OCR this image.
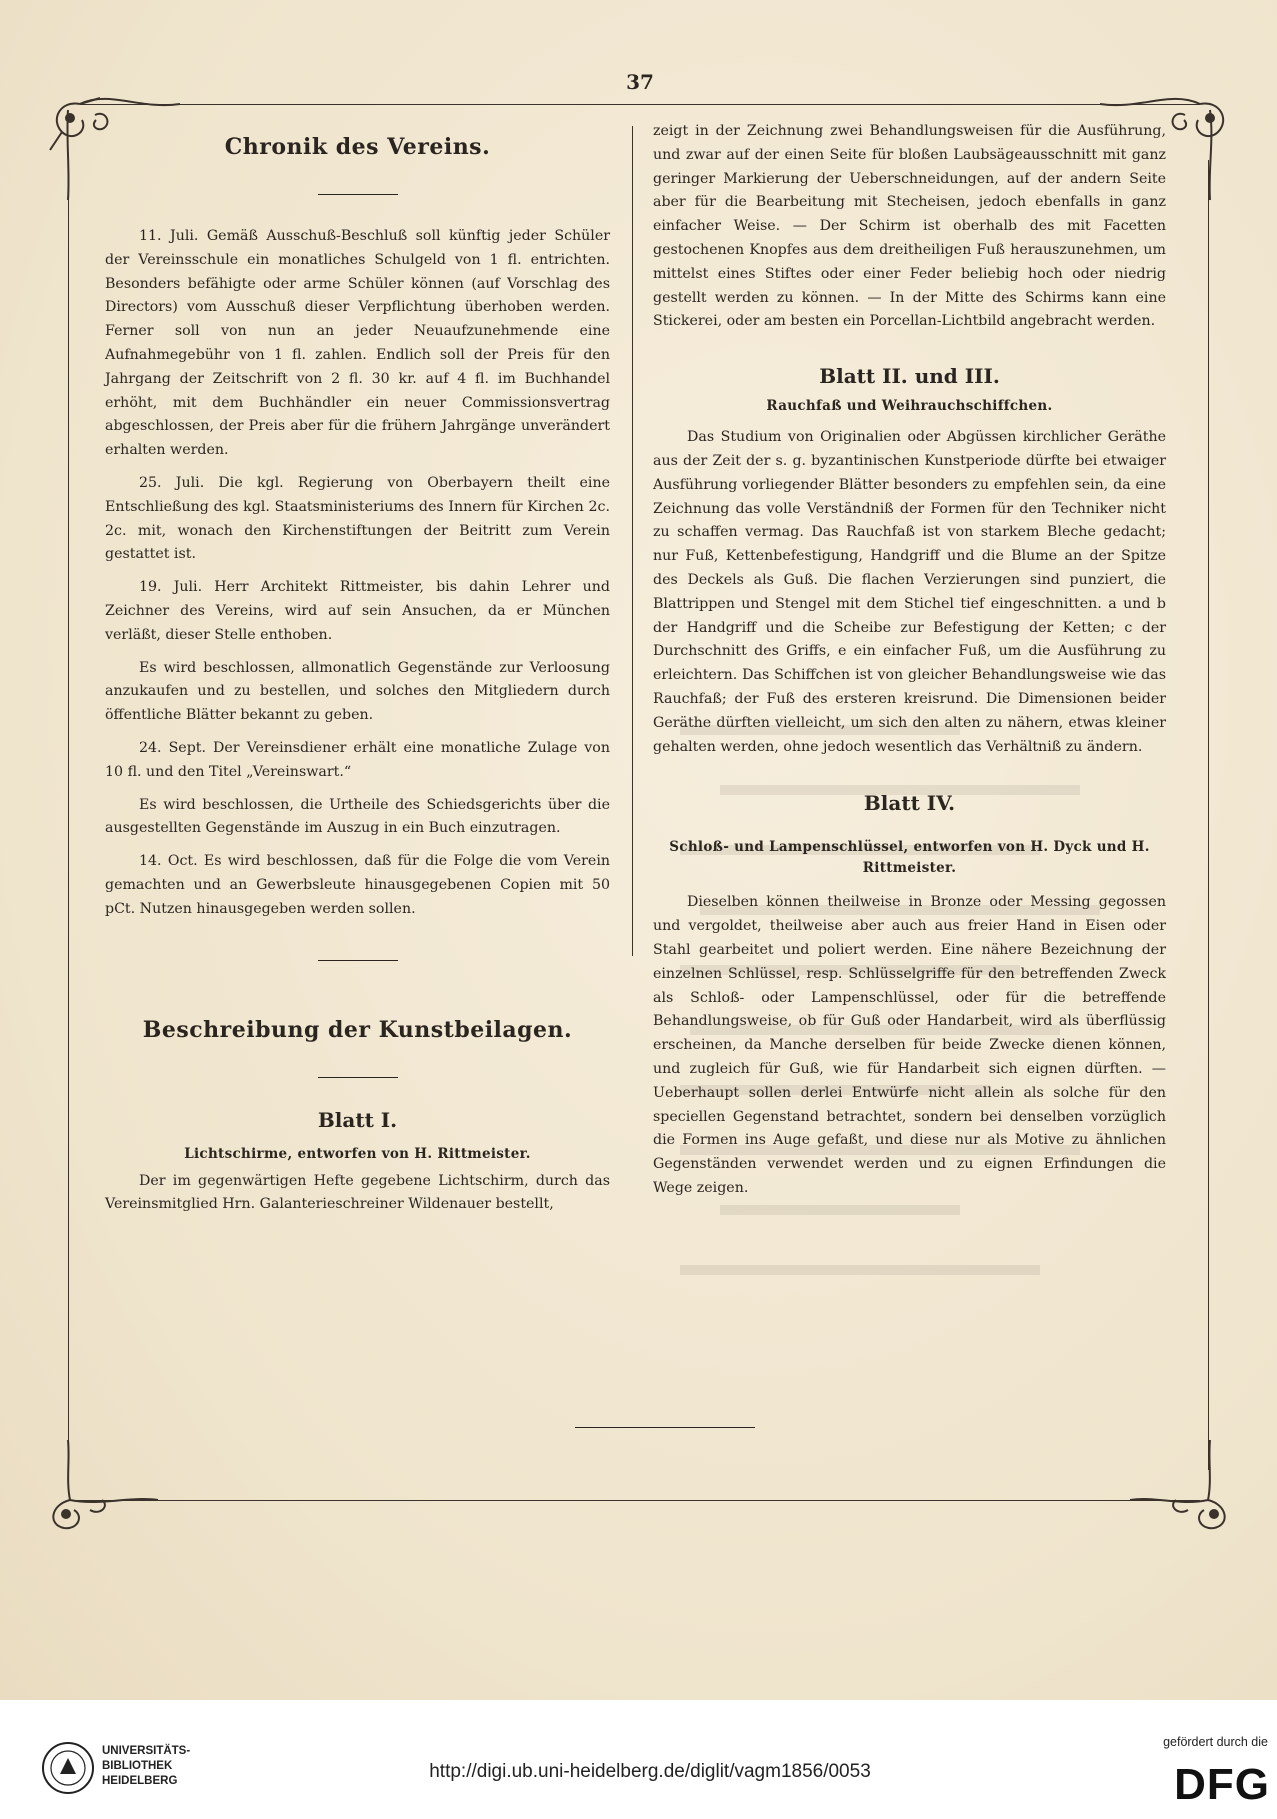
37
Chronik des Vereins.

11. Juli. Gemäß Ausschuß-Beschluß soll künftig jeder Schüler der Vereinsschule ein monatliches Schulgeld von 1 fl. entrichten. Besonders befähigte oder arme Schüler können (auf Vorschlag des Directors) vom Ausschuß dieser Verpflichtung überhoben werden. Ferner soll von nun an jeder Neuaufzunehmende eine Aufnahmegebühr von 1 fl. zahlen. Endlich soll der Preis für den Jahrgang der Zeitschrift von 2 fl. 30 kr. auf 4 fl. im Buchhandel erhöht, mit dem Buchhändler ein neuer Commissionsvertrag abgeschlossen, der Preis aber für die frühern Jahrgänge unverändert erhalten werden.

25. Juli. Die kgl. Regierung von Oberbayern theilt eine Entschließung des kgl. Staatsministeriums des Innern für Kirchen 2c. 2c. mit, wonach den Kirchenstiftungen der Beitritt zum Verein gestattet ist.

19. Juli. Herr Architekt Rittmeister, bis dahin Lehrer und Zeichner des Vereins, wird auf sein Ansuchen, da er München verläßt, dieser Stelle enthoben.

Es wird beschlossen, allmonatlich Gegenstände zur Verloosung anzukaufen und zu bestellen, und solches den Mitgliedern durch öffentliche Blätter bekannt zu geben.

24. Sept. Der Vereinsdiener erhält eine monatliche Zulage von 10 fl. und den Titel „Vereinswart.“

Es wird beschlossen, die Urtheile des Schiedsgerichts über die ausgestellten Gegenstände im Auszug in ein Buch einzutragen.

14. Oct. Es wird beschlossen, daß für die Folge die vom Verein gemachten und an Gewerbsleute hinausgegebenen Copien mit 50 pCt. Nutzen hinausgegeben werden sollen.

Beschreibung der Kunstbeilagen.
Blatt I.
Lichtschirme, entworfen von H. Rittmeister.

Der im gegenwärtigen Hefte gegebene Lichtschirm, durch das Vereinsmitglied Hrn. Galanterieschreiner Wildenauer bestellt,

zeigt in der Zeichnung zwei Behandlungsweisen für die Ausführung, und zwar auf der einen Seite für bloßen Laubsägeausschnitt mit ganz geringer Markierung der Ueberschneidungen, auf der andern Seite aber für die Bearbeitung mit Stecheisen, jedoch ebenfalls in ganz einfacher Weise. — Der Schirm ist oberhalb des mit Facetten gestochenen Knopfes aus dem dreitheiligen Fuß herauszunehmen, um mittelst eines Stiftes oder einer Feder beliebig hoch oder niedrig gestellt werden zu können. — In der Mitte des Schirms kann eine Stickerei, oder am besten ein Porcellan-Lichtbild angebracht werden.

Blatt II. und III.
Rauchfaß und Weihrauchschiffchen.

Das Studium von Originalien oder Abgüssen kirchlicher Geräthe aus der Zeit der s. g. byzantinischen Kunstperiode dürfte bei etwaiger Ausführung vorliegender Blätter besonders zu empfehlen sein, da eine Zeichnung das volle Verständniß der Formen für den Techniker nicht zu schaffen vermag. Das Rauchfaß ist von starkem Bleche gedacht; nur Fuß, Kettenbefestigung, Handgriff und die Blume an der Spitze des Deckels als Guß. Die flachen Verzierungen sind punziert, die Blattrippen und Stengel mit dem Stichel tief eingeschnitten. a und b der Handgriff und die Scheibe zur Befestigung der Ketten; c der Durchschnitt des Griffs, e ein einfacher Fuß, um die Ausführung zu erleichtern. Das Schiffchen ist von gleicher Behandlungsweise wie das Rauchfaß; der Fuß des ersteren kreisrund. Die Dimensionen beider Geräthe dürften vielleicht, um sich den alten zu nähern, etwas kleiner gehalten werden, ohne jedoch wesentlich das Verhältniß zu ändern.

Blatt IV.
Schloß- und Lampenschlüssel, entworfen von H. Dyck und H. Rittmeister.

Dieselben können theilweise in Bronze oder Messing gegossen und vergoldet, theilweise aber auch aus freier Hand in Eisen oder Stahl gearbeitet und poliert werden. Eine nähere Bezeichnung der einzelnen Schlüssel, resp. Schlüsselgriffe für den betreffenden Zweck als Schloß- oder Lampenschlüssel, oder für die betreffende Behandlungsweise, ob für Guß oder Handarbeit, wird als überflüssig erscheinen, da Manche derselben für beide Zwecke dienen können, und zugleich für Guß, wie für Handarbeit sich eignen dürften. — Ueberhaupt sollen derlei Entwürfe nicht allein als solche für den speciellen Gegenstand betrachtet, sondern bei denselben vorzüglich die Formen ins Auge gefaßt, und diese nur als Motive zu ähnlichen Gegenständen verwendet werden und zu eignen Erfindungen die Wege zeigen.

UNIVERSITÄTS-
BIBLIOTHEK
HEIDELBERG	http://digi.ub.uni-heidelberg.de/diglit/vagm1856/0053
gefördert durch die
DFG
